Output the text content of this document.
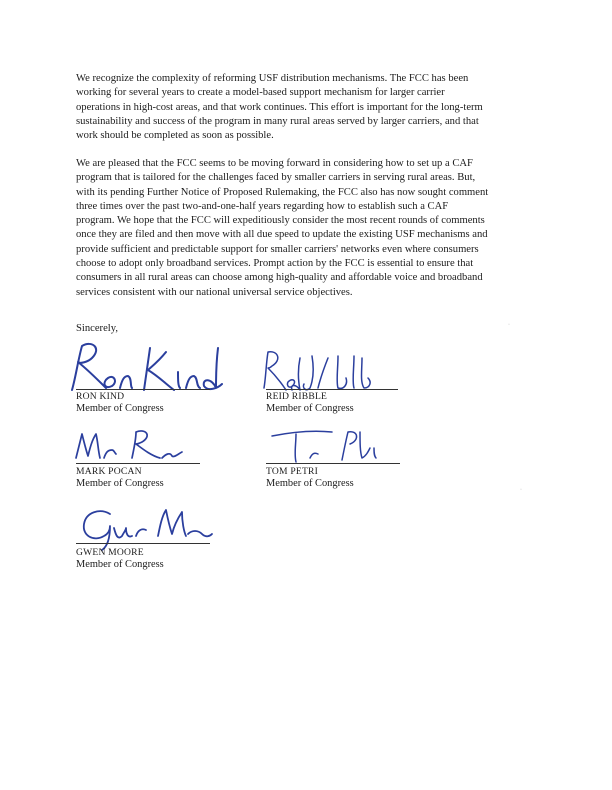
We recognize the complexity of reforming USF distribution mechanisms. The FCC has been
working for several years to create a model-based support mechanism for larger carrier
operations in high-cost areas, and that work continues. This effort is important for the long-term
sustainability and success of the program in many rural areas served by larger carriers, and that
work should be completed as soon as possible.

We are pleased that the FCC seems to be moving forward in considering how to set up a CAF
program that is tailored for the challenges faced by smaller carriers in serving rural areas. But,
with its pending Further Notice of Proposed Rulemaking, the FCC also has now sought comment
three times over the past two-and-one-half years regarding how to establish such a CAF
program. We hope that the FCC will expeditiously consider the most recent rounds of comments
once they are filed and then move with all due speed to update the existing USF mechanisms and
provide sufficient and predictable support for smaller carriers' networks even where consumers
choose to adopt only broadband services. Prompt action by the FCC is essential to ensure that
consumers in all rural areas can choose among high-quality and affordable voice and broadband
services consistent with our national universal service objectives.

Sincerely,
RON KIND
Member of Congress
REID RIBBLE
Member of Congress
MARK POCAN
Member of Congress
TOM PETRI
Member of Congress
GWEN MOORE
Member of Congress
·
·
